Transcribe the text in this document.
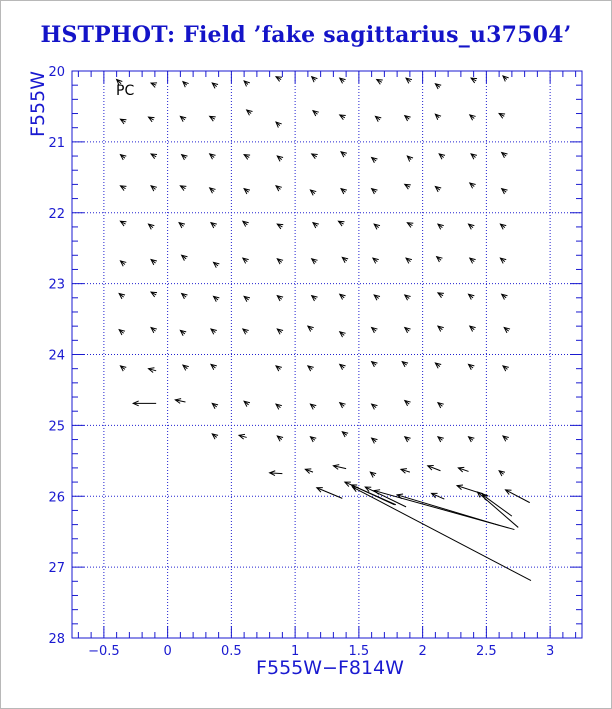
HSTPHOT: Field ’fake sagittarius_u37504’
−0.5	0	0.5	1	1.5	2	2.5	3
20
21
22
23
24
25
26
27
28
PC
F555W−F814W
F555W
